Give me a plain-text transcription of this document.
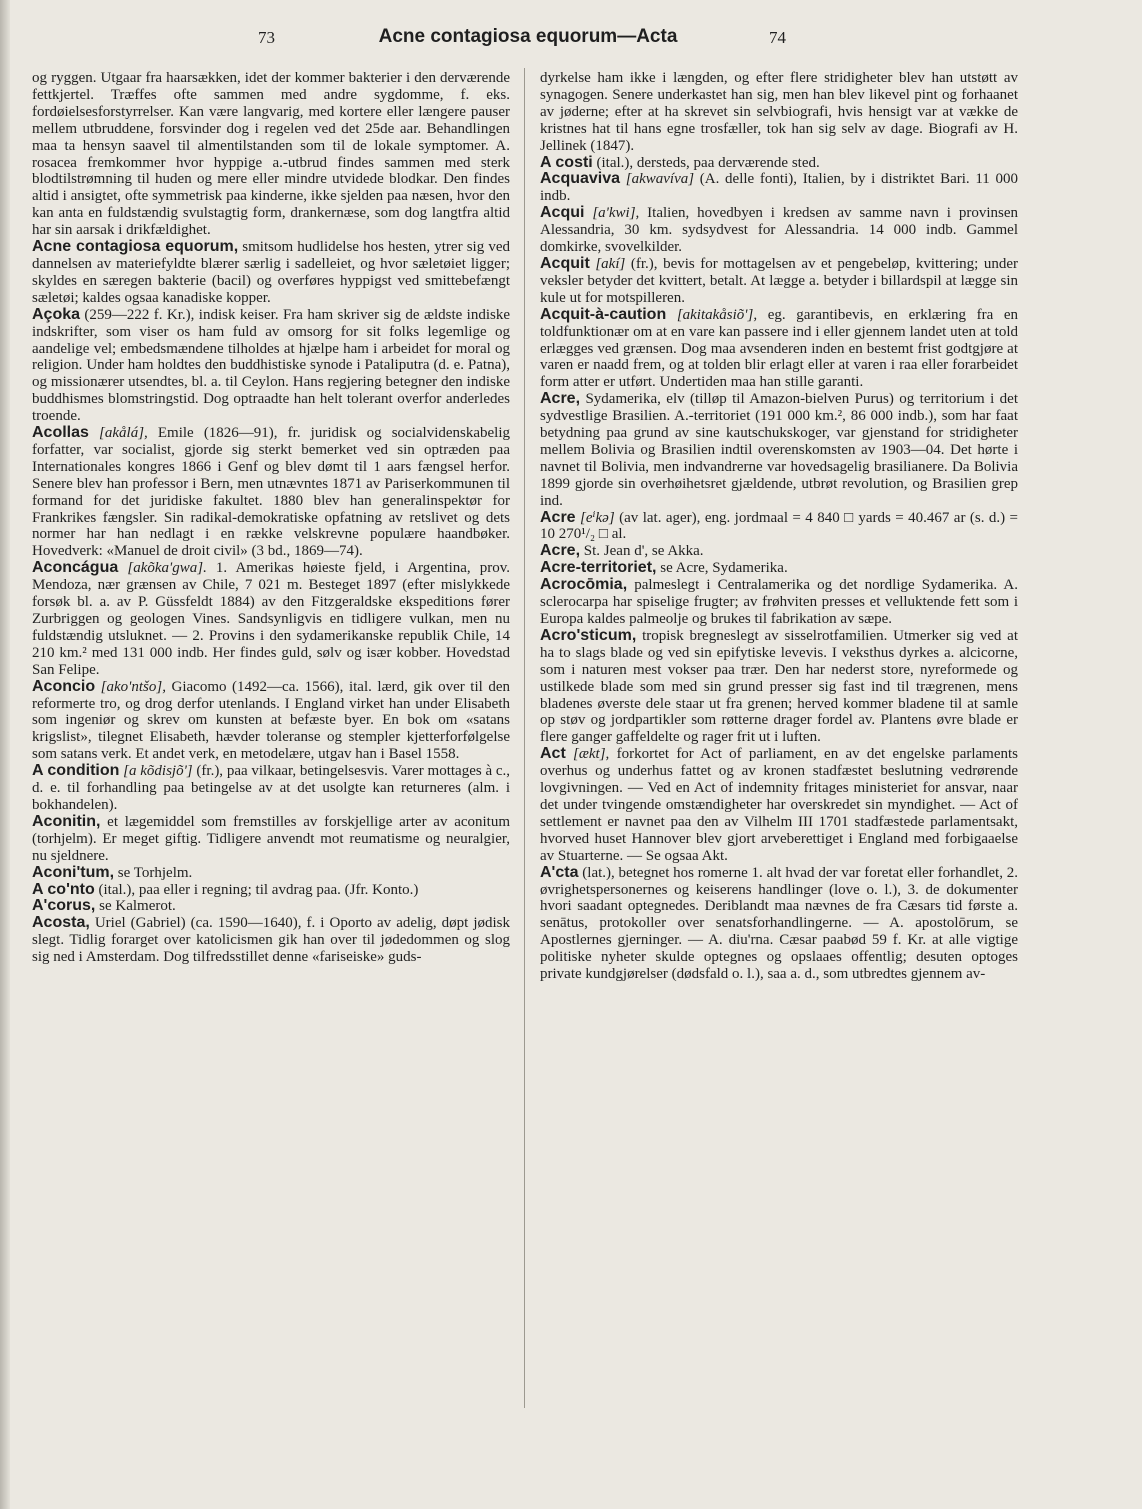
73	Acne contagiosa equorum—Acta	74

og ryggen. Utgaar fra haarsækken, idet der kommer bakterier i den derværende fettkjertel. Træffes ofte sammen med andre sygdomme, f. eks. fordøielsesforstyrrelser. Kan være langvarig, med kortere eller længere pauser mellem utbruddene, forsvinder dog i regelen ved det 25de aar. Behandlingen maa ta hensyn saavel til almentilstanden som til de lokale symptomer. A. rosacea fremkommer hvor hyppige a.-utbrud findes sammen med sterk blodtilstrømning til huden og mere eller mindre utvidede blodkar. Den findes altid i ansigtet, ofte symmetrisk paa kinderne, ikke sjelden paa næsen, hvor den kan anta en fuldstændig svulstagtig form, drankernæse, som dog langtfra altid har sin aarsak i drikfældighet.

Acne contagiosa equorum, smitsom hudlidelse hos hesten, ytrer sig ved dannelsen av materiefyldte blærer særlig i sadelleiet, og hvor sæletøiet ligger; skyldes en særegen bakterie (bacil) og overføres hyppigst ved smittebefængt sæletøi; kaldes ogsaa kanadiske kopper.

Açoka (259—222 f. Kr.), indisk keiser. Fra ham skriver sig de ældste indiske indskrifter, som viser os ham fuld av omsorg for sit folks legemlige og aandelige vel; embedsmændene tilholdes at hjælpe ham i arbeidet for moral og religion. Under ham holdtes den buddhistiske synode i Pataliputra (d. e. Patna), og missionærer utsendtes, bl. a. til Ceylon. Hans regjering betegner den indiske buddhismes blomstringstid. Dog optraadte han helt tolerant overfor anderledes troende.

Acollas [akålá], Emile (1826—91), fr. juridisk og socialvidenskabelig forfatter, var socialist, gjorde sig sterkt bemerket ved sin optræden paa Internationales kongres 1866 i Genf og blev dømt til 1 aars fængsel herfor. Senere blev han professor i Bern, men utnævntes 1871 av Pariserkommunen til formand for det juridiske fakultet. 1880 blev han generalinspektør for Frankrikes fængsler. Sin radikal-demokratiske opfatning av retslivet og dets normer har han nedlagt i en række velskrevne populære haandbøker. Hovedverk: «Manuel de droit civil» (3 bd., 1869—74).

Aconcágua [akõka'gwa]. 1. Amerikas høieste fjeld, i Argentina, prov. Mendoza, nær grænsen av Chile, 7 021 m. Besteget 1897 (efter mislykkede forsøk bl. a. av P. Güssfeldt 1884) av den Fitzgeraldske ekspeditions fører Zurbriggen og geologen Vines. Sandsynligvis en tidligere vulkan, men nu fuldstændig utsluknet. — 2. Provins i den sydamerikanske republik Chile, 14 210 km.² med 131 000 indb. Her findes guld, sølv og især kobber. Hovedstad San Felipe.

Aconcio [ako'ntšo], Giacomo (1492—ca. 1566), ital. lærd, gik over til den reformerte tro, og drog derfor utenlands. I England virket han under Elisabeth som ingeniør og skrev om kunsten at befæste byer. En bok om «satans krigslist», tilegnet Elisabeth, hævder toleranse og stempler kjetterforfølgelse som satans verk. Et andet verk, en metodelære, utgav han i Basel 1558.

A condition [a kõdisjõ'] (fr.), paa vilkaar, betingelsesvis. Varer mottages à c., d. e. til forhandling paa betingelse av at det usolgte kan returneres (alm. i bokhandelen).

Aconitin, et lægemiddel som fremstilles av forskjellige arter av aconitum (torhjelm). Er meget giftig. Tidligere anvendt mot reumatisme og neuralgier, nu sjeldnere.

Aconi'tum, se Torhjelm.

A co'nto (ital.), paa eller i regning; til avdrag paa. (Jfr. Konto.)

A'corus, se Kalmerot.

Acosta, Uriel (Gabriel) (ca. 1590—1640), f. i Oporto av adelig, døpt jødisk slegt. Tidlig forarget over katolicismen gik han over til jødedommen og slog sig ned i Amsterdam. Dog tilfredsstillet denne «fariseiske» guds-

dyrkelse ham ikke i længden, og efter flere stridigheter blev han utstøtt av synagogen. Senere underkastet han sig, men han blev likevel pint og forhaanet av jøderne; efter at ha skrevet sin selvbiografi, hvis hensigt var at vække de kristnes hat til hans egne trosfæller, tok han sig selv av dage. Biografi av H. Jellinek (1847).

A costi (ital.), dersteds, paa derværende sted.

Acquaviva [akwavíva] (A. delle fonti), Italien, by i distriktet Bari. 11 000 indb.

Acqui [a'kwi], Italien, hovedbyen i kredsen av samme navn i provinsen Alessandria, 30 km. sydsydvest for Alessandria. 14 000 indb. Gammel domkirke, svovelkilder.

Acquit [akí] (fr.), bevis for mottagelsen av et pengebeløp, kvittering; under veksler betyder det kvittert, betalt. At lægge a. betyder i billardspil at lægge sin kule ut for motspilleren.

Acquit-à-caution [akitakåsiõ'], eg. garantibevis, en erklæring fra en toldfunktionær om at en vare kan passere ind i eller gjennem landet uten at told erlægges ved grænsen. Dog maa avsenderen inden en bestemt frist godtgjøre at varen er naadd frem, og at tolden blir erlagt eller at varen i raa eller forarbeidet form atter er utført. Undertiden maa han stille garanti.

Acre, Sydamerika, elv (tilløp til Amazon-bielven Purus) og territorium i det sydvestlige Brasilien. A.-territoriet (191 000 km.², 86 000 indb.), som har faat betydning paa grund av sine kautschukskoger, var gjenstand for stridigheter mellem Bolivia og Brasilien indtil overenskomsten av 1903—04. Det hørte i navnet til Bolivia, men indvandrerne var hovedsagelig brasilianere. Da Bolivia 1899 gjorde sin overhøihetsret gjældende, utbrøt revolution, og Brasilien grep ind.

Acre [eⁱkə] (av lat. ager), eng. jordmaal = 4 840 □ yards = 40.467 ar (s. d.) = 10 270¹/₂ □ al.

Acre, St. Jean d', se Akka.

Acre-territoriet, se Acre, Sydamerika.

Acrocōmia, palmeslegt i Centralamerika og det nordlige Sydamerika. A. sclerocarpa har spiselige frugter; av frøhviten presses et velluktende fett som i Europa kaldes palmeolje og brukes til fabrikation av sæpe.

Acro'sticum, tropisk bregneslegt av sisselrotfamilien. Utmerker sig ved at ha to slags blade og ved sin epifytiske levevis. I veksthus dyrkes a. alcicorne, som i naturen mest vokser paa trær. Den har nederst store, nyreformede og ustilkede blade som med sin grund presser sig fast ind til trægrenen, mens bladenes øverste dele staar ut fra grenen; herved kommer bladene til at samle op støv og jordpartikler som røtterne drager fordel av. Plantens øvre blade er flere ganger gaffeldelte og rager frit ut i luften.

Act [ækt], forkortet for Act of parliament, en av det engelske parlaments overhus og underhus fattet og av kronen stadfæstet beslutning vedrørende lovgivningen. — Ved en Act of indemnity fritages ministeriet for ansvar, naar det under tvingende omstændigheter har overskredet sin myndighet. — Act of settlement er navnet paa den av Vilhelm III 1701 stadfæstede parlamentsakt, hvorved huset Hannover blev gjort arveberettiget i England med forbigaaelse av Stuarterne. — Se ogsaa Akt.

A'cta (lat.), betegnet hos romerne 1. alt hvad der var foretat eller forhandlet, 2. øvrighetspersonernes og keiserens handlinger (love o. l.), 3. de dokumenter hvori saadant optegnedes. Deriblandt maa nævnes de fra Cæsars tid første a. senātus, protokoller over senatsforhandlingerne. — A. apostolōrum, se Apostlernes gjerninger. — A. diu'rna. Cæsar paabød 59 f. Kr. at alle vigtige politiske nyheter skulde optegnes og opslaaes offentlig; desuten optoges private kundgjørelser (dødsfald o. l.), saa a. d., som utbredtes gjennem av-
